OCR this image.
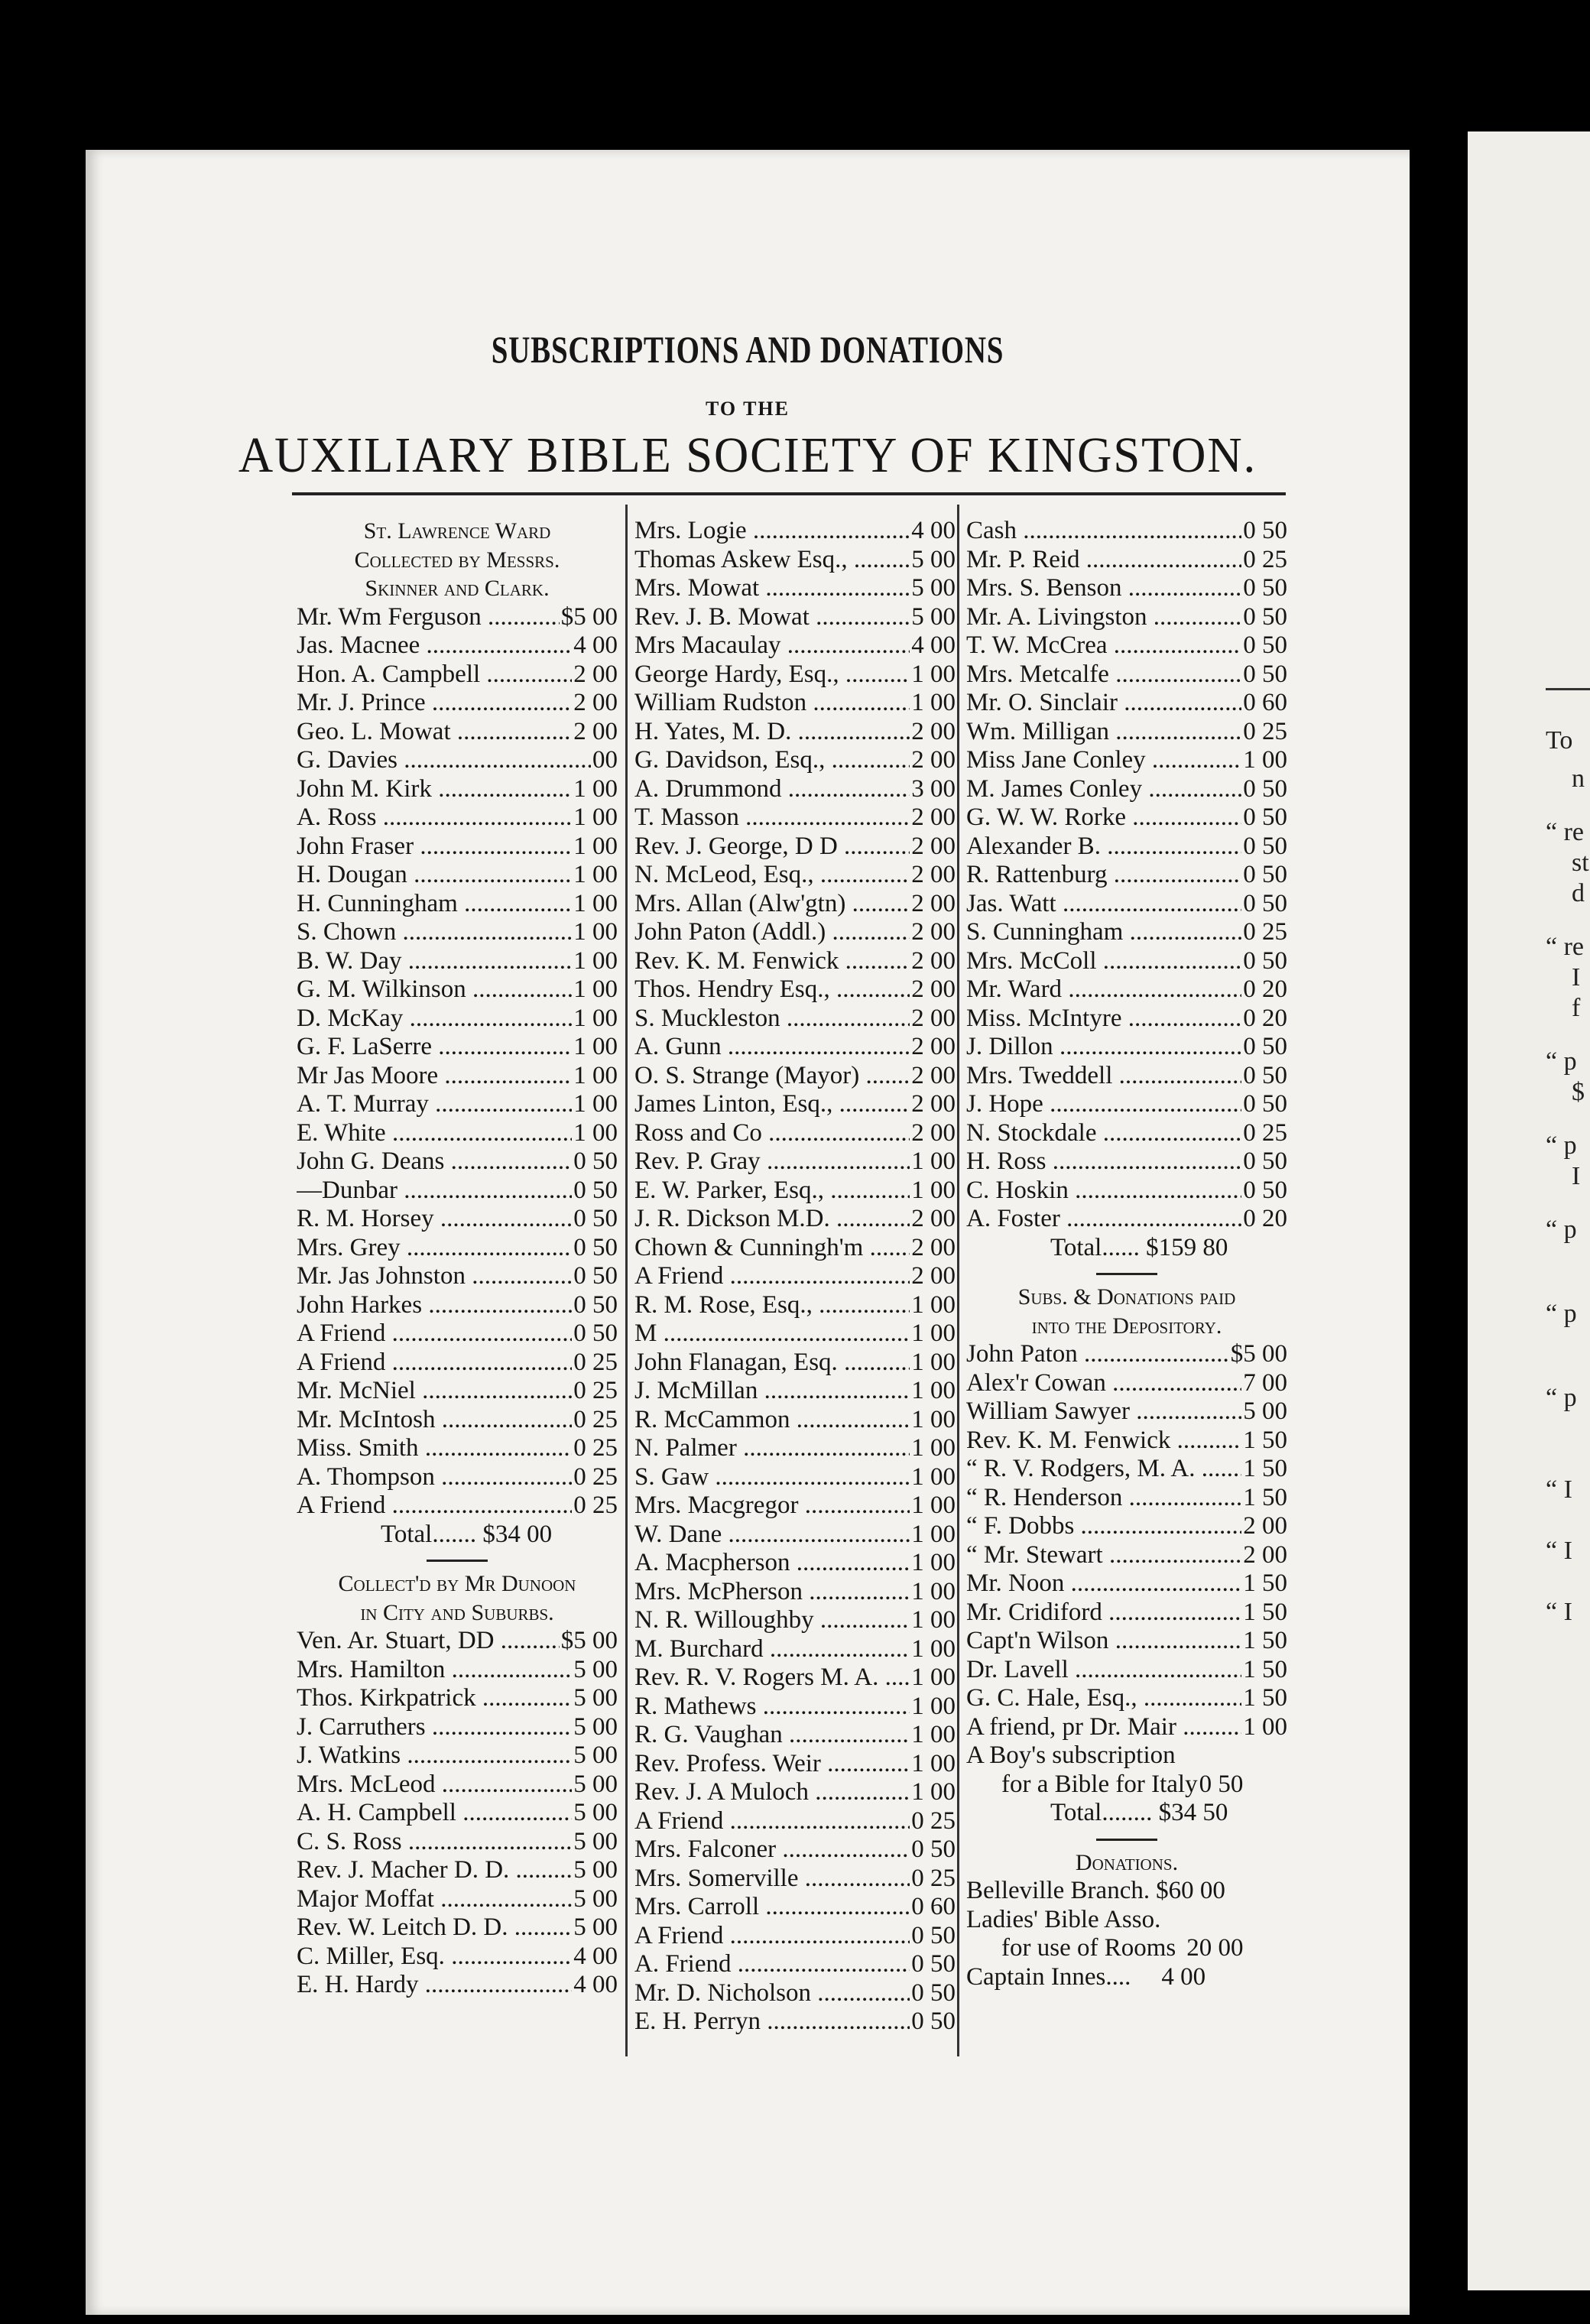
SUBSCRIPTIONS AND DONATIONS
TO THE
AUXILIARY BIBLE SOCIETY OF KINGSTON.
St. Lawrence Ward
Collected by Messrs.
Skinner and Clark.
Mr. Wm Ferguson .....	$5 00
Jas. Macnee .....	4 00
Hon. A. Campbell .....	2 00
Mr. J. Prince .....	2 00
Geo. L. Mowat .....	2 00
G. Davies .....	00
John M. Kirk .....	1 00
A. Ross .....	1 00
John Fraser .....	1 00
H. Dougan .....	1 00
H. Cunningham .....	1 00
S. Chown .....	1 00
B. W. Day .....	1 00
G. M. Wilkinson .....	1 00
D. McKay .....	1 00
G. F. LaSerre .....	1 00
Mr Jas Moore .....	1 00
A. T. Murray .....	1 00
E. White .....	1 00
John G. Deans .....	0 50
—Dunbar .....	0 50
R. M. Horsey .....	0 50
Mrs. Grey .....	0 50
Mr. Jas Johnston .....	0 50
John Harkes .....	0 50
A Friend .....	0 50
A Friend .....	0 25
Mr. McNiel .....	0 25
Mr. McIntosh .....	0 25
Miss. Smith .....	0 25
A. Thompson .....	0 25
A Friend .....	0 25
Total....... $34 00
Collect'd by Mr Dunoon
in City and Suburbs.
Ven. Ar. Stuart, DD .....	$5 00
Mrs. Hamilton .....	5 00
Thos. Kirkpatrick .....	5 00
J. Carruthers .....	5 00
J. Watkins .....	5 00
Mrs. McLeod .....	5 00
A. H. Campbell .....	5 00
C. S. Ross .....	5 00
Rev. J. Macher D. D. .....	5 00
Major Moffat .....	5 00
Rev. W. Leitch D. D. .....	5 00
C. Miller, Esq. .....	4 00
E. H. Hardy .....	4 00
Mrs. Logie .....	4 00
Thomas Askew Esq., .....	5 00
Mrs. Mowat .....	5 00
Rev. J. B. Mowat .....	5 00
Mrs Macaulay .....	4 00
George Hardy, Esq., .....	1 00
William Rudston .....	1 00
H. Yates, M. D. .....	2 00
G. Davidson, Esq., .....	2 00
A. Drummond .....	3 00
T. Masson .....	2 00
Rev. J. George, D D .....	2 00
N. McLeod, Esq., .....	2 00
Mrs. Allan (Alw'gtn) .....	2 00
John Paton (Addl.) .....	2 00
Rev. K. M. Fenwick .....	2 00
Thos. Hendry Esq., .....	2 00
S. Muckleston .....	2 00
A. Gunn .....	2 00
O. S. Strange (Mayor) .....	2 00
James Linton, Esq., .....	2 00
Ross and Co .....	2 00
Rev. P. Gray .....	1 00
E. W. Parker, Esq., .....	1 00
J. R. Dickson M.D. .....	2 00
Chown & Cunningh'm .....	2 00
A Friend .....	2 00
R. M. Rose, Esq., .....	1 00
M .....	1 00
John Flanagan, Esq. .....	1 00
J. McMillan .....	1 00
R. McCammon .....	1 00
N. Palmer .....	1 00
S. Gaw .....	1 00
Mrs. Macgregor .....	1 00
W. Dane .....	1 00
A. Macpherson .....	1 00
Mrs. McPherson .....	1 00
N. R. Willoughby .....	1 00
M. Burchard .....	1 00
Rev. R. V. Rogers M. A. .....	1 00
R. Mathews .....	1 00
R. G. Vaughan .....	1 00
Rev. Profess. Weir .....	1 00
Rev. J. A Muloch .....	1 00
A Friend .....	0 25
Mrs. Falconer .....	0 50
Mrs. Somerville .....	0 25
Mrs. Carroll .....	0 60
A Friend .....	0 50
A. Friend .....	0 50
Mr. D. Nicholson .....	0 50
E. H. Perryn .....	0 50
Cash .....	0 50
Mr. P. Reid .....	0 25
Mrs. S. Benson .....	0 50
Mr. A. Livingston .....	0 50
T. W. McCrea .....	0 50
Mrs. Metcalfe .....	0 50
Mr. O. Sinclair .....	0 60
Wm. Milligan .....	0 25
Miss Jane Conley .....	1 00
M. James Conley .....	0 50
G. W. W. Rorke .....	0 50
Alexander B. .....	0 50
R. Rattenburg .....	0 50
Jas. Watt .....	0 50
S. Cunningham .....	0 25
Mrs. McColl .....	0 50
Mr. Ward .....	0 20
Miss. McIntyre .....	0 20
J. Dillon .....	0 50
Mrs. Tweddell .....	0 50
J. Hope .....	0 50
N. Stockdale .....	0 25
H. Ross .....	0 50
C. Hoskin .....	0 50
A. Foster .....	0 20
Total...... $159 80
Subs. & Donations paid
into the Depository.
John Paton .....	$5 00
Alex'r Cowan .....	7 00
William Sawyer .....	5 00
Rev. K. M. Fenwick .....	1 50
“ R. V. Rodgers, M. A. .....	1 50
“ R. Henderson .....	1 50
“ F. Dobbs .....	2 00
“ Mr. Stewart .....	2 00
Mr. Noon .....	1 50
Mr. Cridiford .....	1 50
Capt'n Wilson .....	1 50
Dr. Lavell .....	1 50
G. C. Hale, Esq., .....	1 50
A friend, pr Dr. Mair .....	1 00
A Boy's subscription
for a Bible for Italy 0 50
Total........ $34 50
Donations.
Belleville Branch. $60 00
Ladies' Bible Asso.
for use of Rooms 20 00
Captain Innes....	4 00
To
n
“ re
st
d
“ re
I
f
“ p
$
“ p
I
“ p
“ p
“ p
“ I
“ I
“ I
